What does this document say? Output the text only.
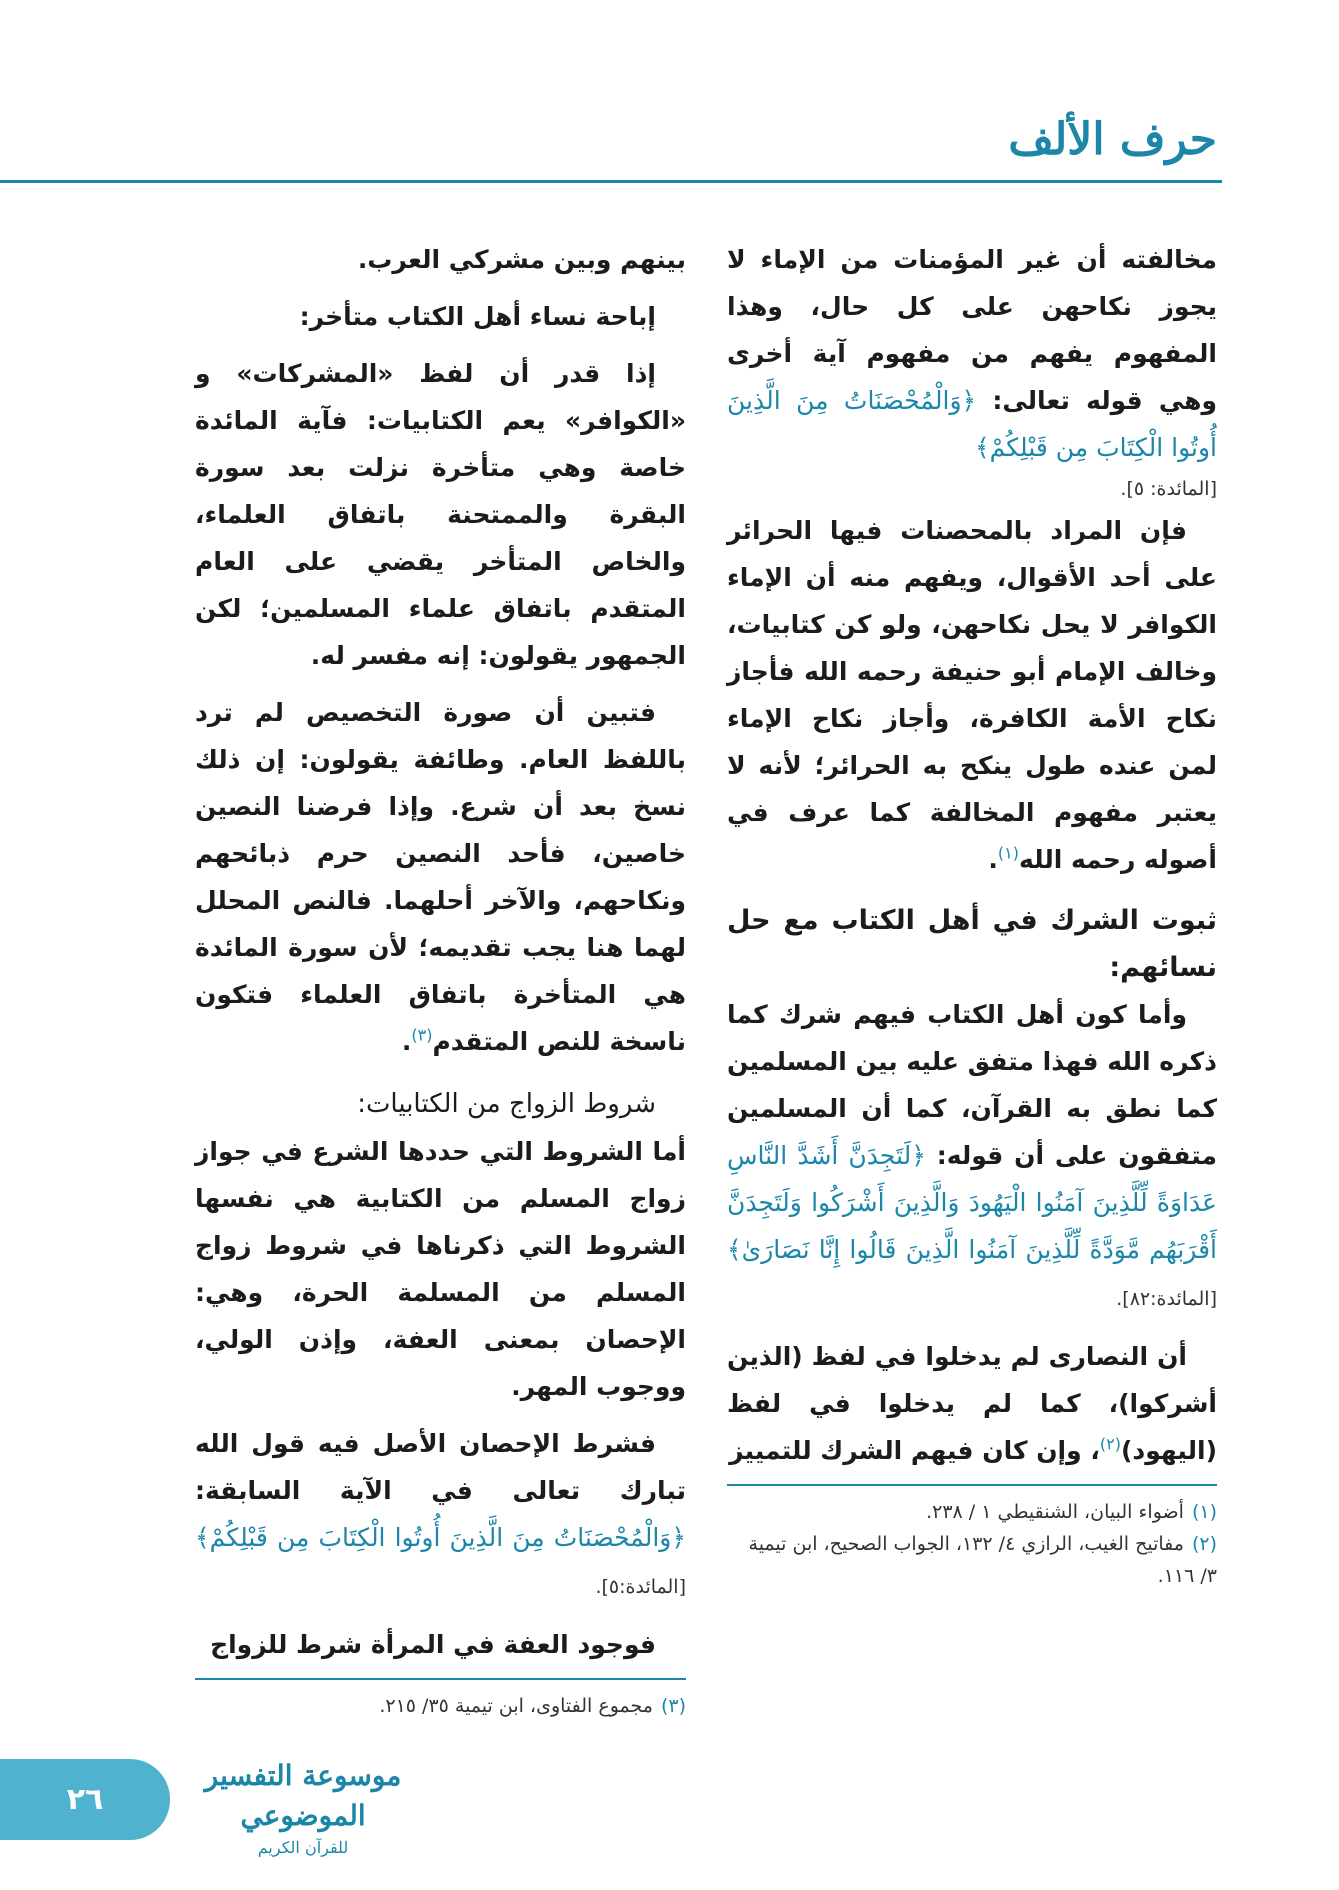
حرف الألف

مخالفته أن غير المؤمنات من الإماء لا يجوز نكاحهن على كل حال، وهذا المفهوم يفهم من مفهوم آية أخرى وهي قوله تعالى: ﴿وَالْمُحْصَنَاتُ مِنَ الَّذِينَ أُوتُوا الْكِتَابَ مِن قَبْلِكُمْ﴾

[المائدة: ٥].

فإن المراد بالمحصنات فيها الحرائر على أحد الأقوال، ويفهم منه أن الإماء الكوافر لا يحل نكاحهن، ولو كن كتابيات، وخالف الإمام أبو حنيفة رحمه الله فأجاز نكاح الأمة الكافرة، وأجاز نكاح الإماء لمن عنده طول ينكح به الحرائر؛ لأنه لا يعتبر مفهوم المخالفة كما عرف في أصوله رحمه الله$^{(١)}$.

ثبوت الشرك في أهل الكتاب مع حل نسائهم:

وأما كون أهل الكتاب فيهم شرك كما ذكره الله فهذا متفق عليه بين المسلمين كما نطق به القرآن، كما أن المسلمين متفقون على أن قوله: ﴿لَتَجِدَنَّ أَشَدَّ النَّاسِ عَدَاوَةً لِّلَّذِينَ آمَنُوا الْيَهُودَ وَالَّذِينَ أَشْرَكُوا وَلَتَجِدَنَّ أَقْرَبَهُم مَّوَدَّةً لِّلَّذِينَ آمَنُوا الَّذِينَ قَالُوا إِنَّا نَصَارَىٰ﴾ [المائدة:٨٢].

أن النصارى لم يدخلوا في لفظ (الذين أشركوا)، كما لم يدخلوا في لفظ (اليهود)$^{(٢)}$، وإن كان فيهم الشرك للتمييز

(١)أضواء البيان، الشنقيطي ١ / ٢٣٨.
(٢)مفاتيح الغيب، الرازي ٤/ ١٣٢، الجواب الصحيح، ابن تيمية ٣/ ١١٦.

بينهم وبين مشركي العرب.

إباحة نساء أهل الكتاب متأخر:

إذا قدر أن لفظ «المشركات» و «الكوافر» يعم الكتابيات: فآية المائدة خاصة وهي متأخرة نزلت بعد سورة البقرة والممتحنة باتفاق العلماء، والخاص المتأخر يقضي على العام المتقدم باتفاق علماء المسلمين؛ لكن الجمهور يقولون: إنه مفسر له.

فتبين أن صورة التخصيص لم ترد باللفظ العام. وطائفة يقولون: إن ذلك نسخ بعد أن شرع. وإذا فرضنا النصين خاصين، فأحد النصين حرم ذبائحهم ونكاحهم، والآخر أحلهما. فالنص المحلل لهما هنا يجب تقديمه؛ لأن سورة المائدة هي المتأخرة باتفاق العلماء فتكون ناسخة للنص المتقدم$^{(٣)}$.

شروط الزواج من الكتابيات:

أما الشروط التي حددها الشرع في جواز زواج المسلم من الكتابية هي نفسها الشروط التي ذكرناها في شروط زواج المسلم من المسلمة الحرة، وهي: الإحصان بمعنى العفة، وإذن الولي، ووجوب المهر.

فشرط الإحصان الأصل فيه قول الله تبارك تعالى في الآية السابقة: ﴿وَالْمُحْصَنَاتُ مِنَ الَّذِينَ أُوتُوا الْكِتَابَ مِن قَبْلِكُمْ﴾ [المائدة:٥].

فوجود العفة في المرأة شرط للزواج

(٣)مجموع الفتاوى، ابن تيمية ٣٥/ ٢١٥.
٢٦
موسوعة التفسير الموضوعي
للقرآن الكريم
